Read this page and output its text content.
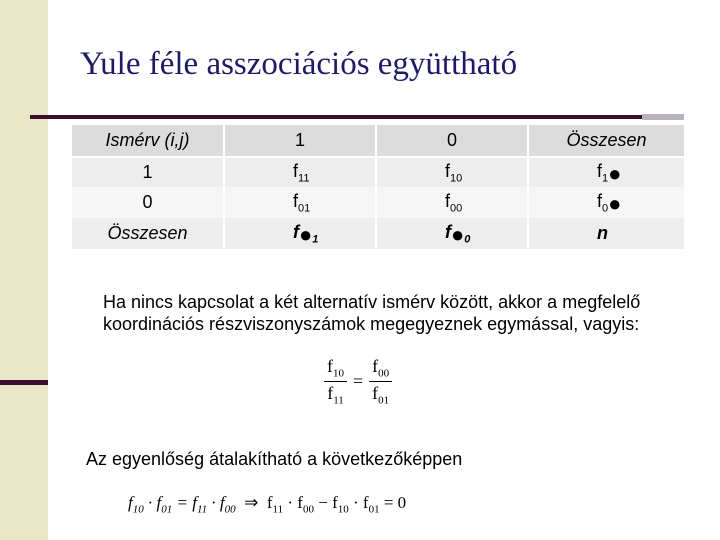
Yule féle asszociációs együttható
Ismérv (i,j)	1	0	Összesen
1	$f_{11}$	$f_{10}$	$f_1●$
0	$f_{01}$	$f_{00}$	$f_0●$
Összesen	$f●_1$	$f●_0$	n
Ha nincs kapcsolat a két alternatív ismérv között, akkor a megfelelő koordinációs részviszonyszámok megegyeznek egymással, vagyis:
$\frac{f_{10}}{f_{11}} = \frac{f_{00}}{f_{01}}$
Az egyenlőség átalakítható a következőképpen
$f_{10} \cdot f_{01} = f_{11} \cdot f_{00}$ ⇒ $f_{11} \cdot f_{00} - f_{10} \cdot f_{01} = 0$
